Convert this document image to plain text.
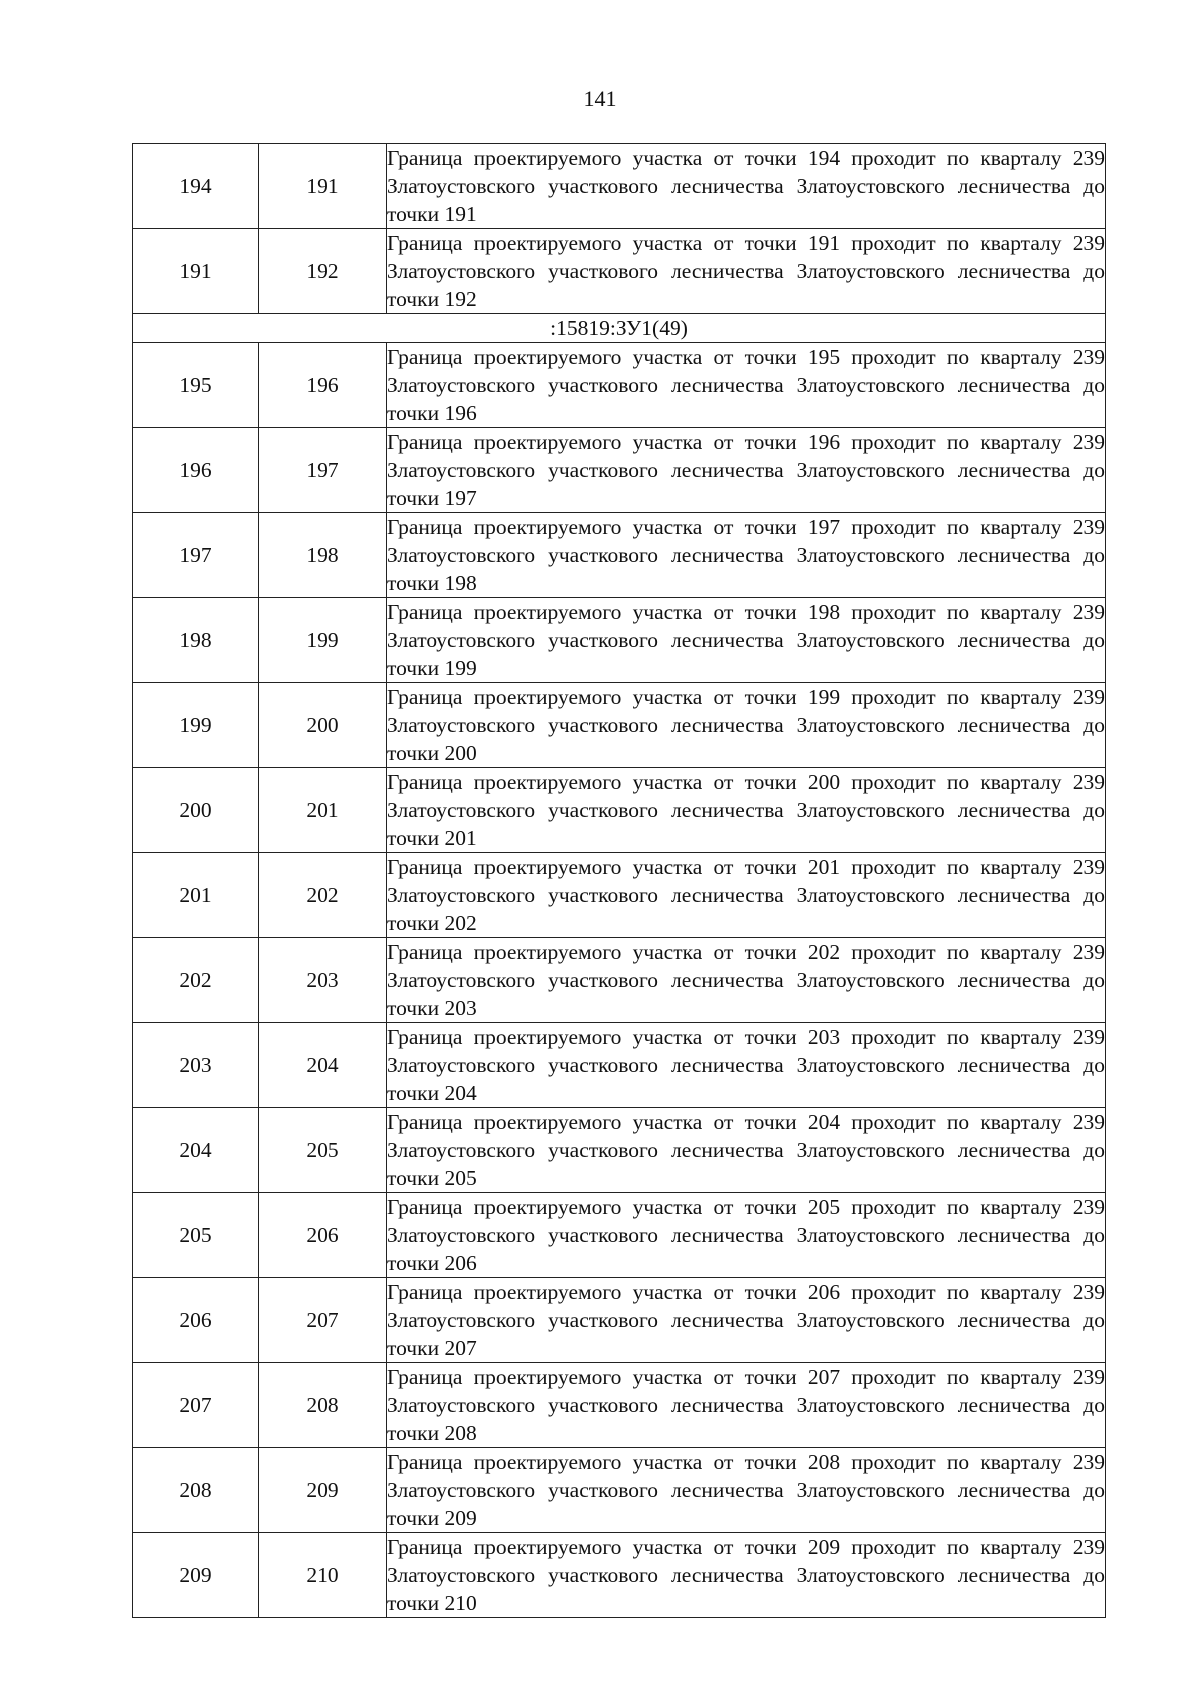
141
194	191	Граница проектируемого участка от точки 194 проходит по кварталу 239 Златоустовского участкового лесничества Златоустовского лесничества до точки 191
191	192	Граница проектируемого участка от точки 191 проходит по кварталу 239 Златоустовского участкового лесничества Златоустовского лесничества до точки 192
:15819:ЗУ1(49)		
195	196	Граница проектируемого участка от точки 195 проходит по кварталу 239 Златоустовского участкового лесничества Златоустовского лесничества до точки 196
196	197	Граница проектируемого участка от точки 196 проходит по кварталу 239 Златоустовского участкового лесничества Златоустовского лесничества до точки 197
197	198	Граница проектируемого участка от точки 197 проходит по кварталу 239 Златоустовского участкового лесничества Златоустовского лесничества до точки 198
198	199	Граница проектируемого участка от точки 198 проходит по кварталу 239 Златоустовского участкового лесничества Златоустовского лесничества до точки 199
199	200	Граница проектируемого участка от точки 199 проходит по кварталу 239 Златоустовского участкового лесничества Златоустовского лесничества до точки 200
200	201	Граница проектируемого участка от точки 200 проходит по кварталу 239 Златоустовского участкового лесничества Златоустовского лесничества до точки 201
201	202	Граница проектируемого участка от точки 201 проходит по кварталу 239 Златоустовского участкового лесничества Златоустовского лесничества до точки 202
202	203	Граница проектируемого участка от точки 202 проходит по кварталу 239 Златоустовского участкового лесничества Златоустовского лесничества до точки 203
203	204	Граница проектируемого участка от точки 203 проходит по кварталу 239 Златоустовского участкового лесничества Златоустовского лесничества до точки 204
204	205	Граница проектируемого участка от точки 204 проходит по кварталу 239 Златоустовского участкового лесничества Златоустовского лесничества до точки 205
205	206	Граница проектируемого участка от точки 205 проходит по кварталу 239 Златоустовского участкового лесничества Златоустовского лесничества до точки 206
206	207	Граница проектируемого участка от точки 206 проходит по кварталу 239 Златоустовского участкового лесничества Златоустовского лесничества до точки 207
207	208	Граница проектируемого участка от точки 207 проходит по кварталу 239 Златоустовского участкового лесничества Златоустовского лесничества до точки 208
208	209	Граница проектируемого участка от точки 208 проходит по кварталу 239 Златоустовского участкового лесничества Златоустовского лесничества до точки 209
209	210	Граница проектируемого участка от точки 209 проходит по кварталу 239 Златоустовского участкового лесничества Златоустовского лесничества до точки 210
